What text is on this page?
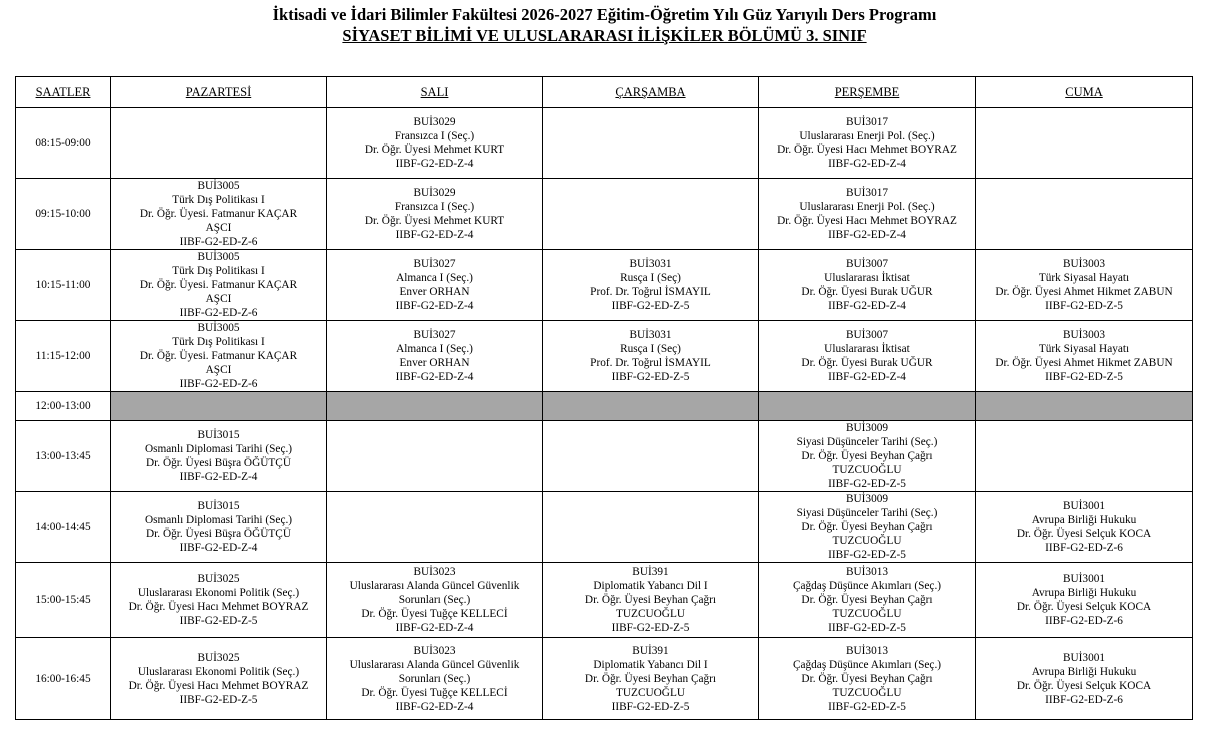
İktisadi ve İdari Bilimler Fakültesi 2026-2027 Eğitim-Öğretim Yılı Güz Yarıyılı Ders Programı
SİYASET BİLİMİ VE ULUSLARARASI İLİŞKİLER BÖLÜMÜ 3. SINIF
SAATLER	PAZARTESİ	SALI	ÇARŞAMBA	PERŞEMBE	CUMA
08:15-09:00		BUİ3029
Fransızca I (Seç.)
Dr. Öğr. Üyesi Mehmet KURT
IIBF-G2-ED-Z-4		BUİ3017
Uluslararası Enerji Pol. (Seç.)
Dr. Öğr. Üyesi Hacı Mehmet BOYRAZ
IIBF-G2-ED-Z-4	

09:15-10:00	BUİ3005
Türk Dış Politikası I
Dr. Öğr. Üyesi. Fatmanur KAÇAR
AŞCI
IIBF-G2-ED-Z-6	BUİ3029
Fransızca I (Seç.)
Dr. Öğr. Üyesi Mehmet KURT
IIBF-G2-ED-Z-4		BUİ3017
Uluslararası Enerji Pol. (Seç.)
Dr. Öğr. Üyesi Hacı Mehmet BOYRAZ
IIBF-G2-ED-Z-4	

10:15-11:00	BUİ3005
Türk Dış Politikası I
Dr. Öğr. Üyesi. Fatmanur KAÇAR
AŞCI
IIBF-G2-ED-Z-6	BUİ3027
Almanca I (Seç.)
Enver ORHAN
IIBF-G2-ED-Z-4	BUİ3031
Rusça I (Seç)
Prof. Dr. Toğrul İSMAYIL
IIBF-G2-ED-Z-5	BUİ3007
Uluslararası İktisat
Dr. Öğr. Üyesi Burak UĞUR
IIBF-G2-ED-Z-4	BUİ3003
Türk Siyasal Hayatı
Dr. Öğr. Üyesi Ahmet Hikmet ZABUN
IIBF-G2-ED-Z-5

11:15-12:00	BUİ3005
Türk Dış Politikası I
Dr. Öğr. Üyesi. Fatmanur KAÇAR
AŞCI
IIBF-G2-ED-Z-6	BUİ3027
Almanca I (Seç.)
Enver ORHAN
IIBF-G2-ED-Z-4	BUİ3031
Rusça I (Seç)
Prof. Dr. Toğrul İSMAYIL
IIBF-G2-ED-Z-5	BUİ3007
Uluslararası İktisat
Dr. Öğr. Üyesi Burak UĞUR
IIBF-G2-ED-Z-4	BUİ3003
Türk Siyasal Hayatı
Dr. Öğr. Üyesi Ahmet Hikmet ZABUN
IIBF-G2-ED-Z-5

12:00-13:00					
13:00-13:45	BUİ3015
Osmanlı Diplomasi Tarihi (Seç.)
Dr. Öğr. Üyesi Büşra ÖĞÜTÇÜ
IIBF-G2-ED-Z-4			BUİ3009
Siyasi Düşünceler Tarihi (Seç.)
Dr. Öğr. Üyesi Beyhan Çağrı
TUZCUOĞLU
IIBF-G2-ED-Z-5	

14:00-14:45	BUİ3015
Osmanlı Diplomasi Tarihi (Seç.)
Dr. Öğr. Üyesi Büşra ÖĞÜTÇÜ
IIBF-G2-ED-Z-4			BUİ3009
Siyasi Düşünceler Tarihi (Seç.)
Dr. Öğr. Üyesi Beyhan Çağrı
TUZCUOĞLU
IIBF-G2-ED-Z-5	BUİ3001
Avrupa Birliği Hukuku
Dr. Öğr. Üyesi Selçuk KOCA
IIBF-G2-ED-Z-6

15:00-15:45	BUİ3025
Uluslararası Ekonomi Politik (Seç.)
Dr. Öğr. Üyesi Hacı Mehmet BOYRAZ
IIBF-G2-ED-Z-5	BUİ3023
Uluslararası Alanda Güncel Güvenlik
Sorunları (Seç.)
Dr. Öğr. Üyesi Tuğçe KELLECİ
IIBF-G2-ED-Z-4	BUİ391
Diplomatik Yabancı Dil I
Dr. Öğr. Üyesi Beyhan Çağrı
TUZCUOĞLU
IIBF-G2-ED-Z-5	BUİ3013
Çağdaş Düşünce Akımları (Seç.)
Dr. Öğr. Üyesi Beyhan Çağrı
TUZCUOĞLU
IIBF-G2-ED-Z-5	BUİ3001
Avrupa Birliği Hukuku
Dr. Öğr. Üyesi Selçuk KOCA
IIBF-G2-ED-Z-6

16:00-16:45	BUİ3025
Uluslararası Ekonomi Politik (Seç.)
Dr. Öğr. Üyesi Hacı Mehmet BOYRAZ
IIBF-G2-ED-Z-5	BUİ3023
Uluslararası Alanda Güncel Güvenlik
Sorunları (Seç.)
Dr. Öğr. Üyesi Tuğçe KELLECİ
IIBF-G2-ED-Z-4	BUİ391
Diplomatik Yabancı Dil I
Dr. Öğr. Üyesi Beyhan Çağrı
TUZCUOĞLU
IIBF-G2-ED-Z-5	BUİ3013
Çağdaş Düşünce Akımları (Seç.)
Dr. Öğr. Üyesi Beyhan Çağrı
TUZCUOĞLU
IIBF-G2-ED-Z-5	BUİ3001
Avrupa Birliği Hukuku
Dr. Öğr. Üyesi Selçuk KOCA
IIBF-G2-ED-Z-6
